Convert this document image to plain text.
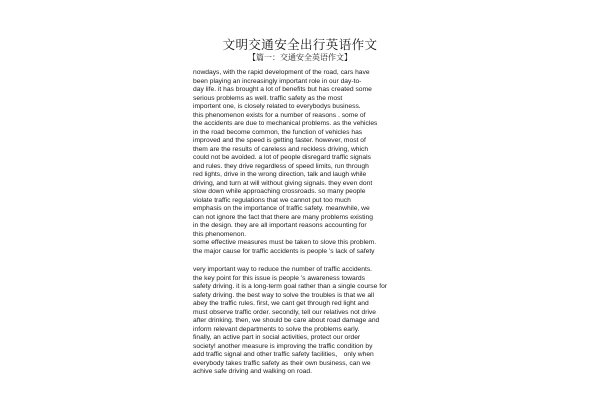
文明交通安全出行英语作文
【篇一：交通安全英语作文】
nowdays, with the rapid development of the road, cars have
been playing an increasingly important role in our day-to-
day life. it has brought a lot of benefits but has created some
serious problems as well. traffic safety as the most
importent one, is closely related to everybodys business.
this phenomenon exists for a number of reasons . some of
the accidents are due to mechanical problems. as the vehicles
in the road become common, the function of vehicles has
improved and the speed is getting faster. however, most of
them are the results of careless and reckless driving, which
could not be avoided. a lot of people disregard traffic signals
and rules. they drive regardless of speed limits, run through
red lights, drive in the wrong direction, talk and laugh while
driving, and turn at will without giving signals. they even dont
slow down while approaching crossroads. so many people
violate traffic regulations that we cannot put too much
emphasis on the importance of traffic safety. meanwhile, we
can not ignore the fact that there are many problems existing
in the design. they are all important reasons accounting for
this phenomenon.
some effective measures must be taken to slove this problem.
the major cause for traffic accidents is people ’s lack of safety
very important way to reduce the number of traffic accidents.
the key point for this issue is people ’s awareness towards
safety driving. it is a long-term goal rather than a single course for
safety driving. the best way to solve the troubles is that we all
abey the traffic rules. first, we cant get through red light and
must observe traffic order. secondly, tell our relatives not drive
after drinking. then, we should be care about road damage and
inform relevant departments to solve the problems early.
finally, an active part in social activities, protect our order
society! another measure is improving the traffic condition by
add traffic signal and other traffic safety facilities、 only when
everybody takes traffic safety as their own business, can we
achive safe driving and walking on road.
